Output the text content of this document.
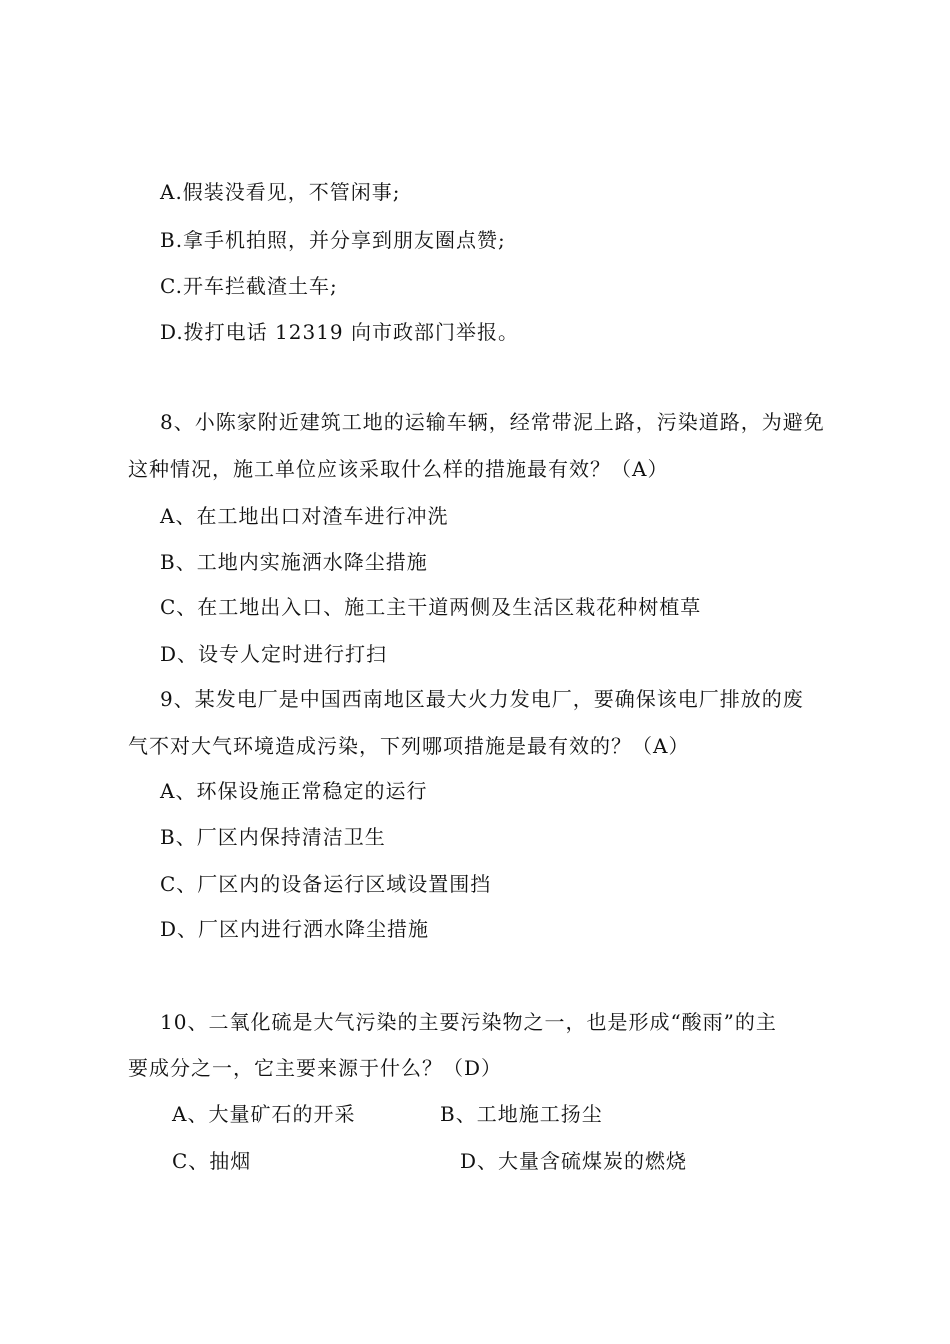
A.假装没看见，不管闲事;
B.拿手机拍照，并分享到朋友圈点赞;
C.开车拦截渣土车;
D.拨打电话 12319 向市政部门举报。
8、小陈家附近建筑工地的运输车辆，经常带泥上路，污染道路，为避免
这种情况，施工单位应该采取什么样的措施最有效？（A）
A、在工地出口对渣车进行冲洗
B、工地内实施洒水降尘措施
C、在工地出入口、施工主干道两侧及生活区栽花种树植草
D、设专人定时进行打扫
9、某发电厂是中国西南地区最大火力发电厂，要确保该电厂排放的废
气不对大气环境造成污染，下列哪项措施是最有效的？（A）
A、环保设施正常稳定的运行
B、厂区内保持清洁卫生
C、厂区内的设备运行区域设置围挡
D、厂区内进行洒水降尘措施
10、二氧化硫是大气污染的主要污染物之一，也是形成“酸雨”的主
要成分之一，它主要来源于什么？（D）
A、大量矿石的开采	B、工地施工扬尘
C、抽烟	D、大量含硫煤炭的燃烧
